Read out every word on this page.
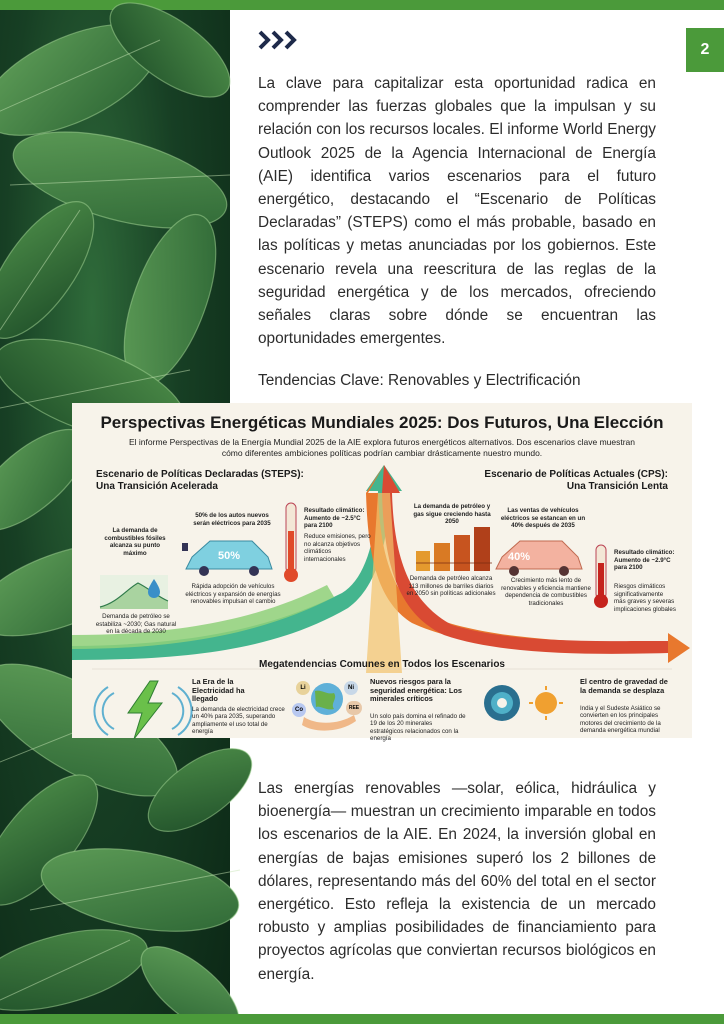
2

La clave para capitalizar esta oportunidad radica en comprender las fuerzas globales que la impulsan y su relación con los recursos locales. El informe World Energy Outlook 2025 de la Agencia Internacional de Energía (AIE) identifica varios escenarios para el futuro energético, destacando el “Escenario de Políticas Declaradas” (STEPS) como el más probable, basado en las políticas y metas anunciadas por los gobiernos. Este escenario revela una reescritura de las reglas de la seguridad energética y de los mercados, ofreciendo señales claras sobre dónde se encuentran las oportunidades emergentes.

Tendencias Clave: Renovables y Electrificación

50%	40%
Perspectivas Energéticas Mundiales 2025: Dos Futuros, Una Elección
El informe Perspectivas de la Energía Mundial 2025 de la AIE explora futuros energéticos alternativos. Dos escenarios clave muestran cómo diferentes ambiciones políticas podrían cambiar drásticamente nuestro mundo.
Escenario de Políticas Declaradas (STEPS):
Una Transición Acelerada
Escenario de Políticas Actuales (CPS):
Una Transición Lenta
La demanda de combustibles fósiles alcanza su punto máximo
Demanda de petróleo se estabiliza ~2030; Gas natural en la década de 2030
50% de los autos nuevos serán eléctricos para 2035
Rápida adopción de vehículos eléctricos y expansión de energías renovables impulsan el cambio
Resultado climático: Aumento de ~2.5°C para 2100
Reduce emisiones, pero no alcanza objetivos climáticos internacionales
La demanda de petróleo y gas sigue creciendo hasta 2050
Demanda de petróleo alcanza 113 millones de barriles diarios en 2050 sin políticas adicionales
Las ventas de vehículos eléctricos se estancan en un 40% después de 2035
Crecimiento más lento de renovables y eficiencia mantiene dependencia de combustibles tradicionales
Resultado climático: Aumento de ~2.9°C para 2100
Riesgos climáticos significativamente más graves y severas implicaciones globales
Megatendencias Comunes en Todos los Escenarios
La Era de la Electricidad ha llegado
La demanda de electricidad crece un 40% para 2035, superando ampliamente el uso total de energía
Nuevos riesgos para la seguridad energética: Los minerales críticos
Un solo país domina el refinado de 19 de los 20 minerales estratégicos relacionados con la energía
El centro de gravedad de la demanda se desplaza
India y el Sudeste Asiático se convierten en los principales motores del crecimiento de la demanda energética mundial
Li	Ni
Co	REE

Las energías renovables —solar, eólica, hidráulica y bioenergía— muestran un crecimiento imparable en todos los escenarios de la AIE. En 2024, la inversión global en energías de bajas emisiones superó los 2 billones de dólares, representando más del 60% del total en el sector energético. Esto refleja la existencia de un mercado robusto y amplias posibilidades de financiamiento para proyectos agrícolas que conviertan recursos biológicos en energía.
